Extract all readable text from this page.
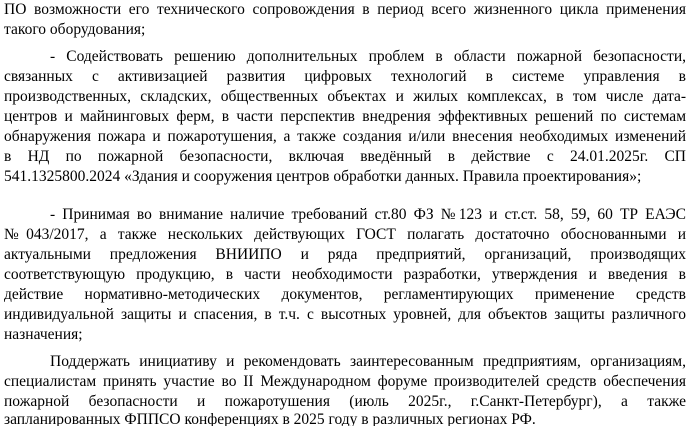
ПО возможности его технического сопровождения в период всего жизненного цикла применения
такого оборудования;
- Содействовать решению дополнительных проблем в области пожарной безопасности,
связанных с активизацией развития цифровых технологий в системе управления в
производственных, складских, общественных объектах и жилых комплексах, в том числе дата-
центров и майнинговых ферм, в части перспектив внедрения эффективных решений по системам
обнаружения пожара и пожаротушения, а также создания и/или внесения необходимых изменений
в НД по пожарной безопасности, включая введённый в действие с 24.01.2025г. СП
541.1325800.2024 «Здания и сооружения центров обработки данных. Правила проектирования»;
- Принимая во внимание наличие требований ст.80 ФЗ №123 и ст.ст. 58, 59, 60 ТР ЕАЭС
№043/2017, а также нескольких действующих ГОСТ полагать достаточно обоснованными и
актуальными предложения ВНИИПО и ряда предприятий, организаций, производящих
соответствующую продукцию, в части необходимости разработки, утверждения и введения в
действие нормативно-методических документов, регламентирующих применение средств
индивидуальной защиты и спасения, в т.ч. с высотных уровней, для объектов защиты различного
назначения;
Поддержать инициативу и рекомендовать заинтересованным предприятиям, организациям,
специалистам принять участие во II Международном форуме производителей средств обеспечения
пожарной безопасности и пожаротушения (июль 2025г., г.Санкт-Петербург), а также
запланированных ФППСО конференциях в 2025 году в различных регионах РФ.
